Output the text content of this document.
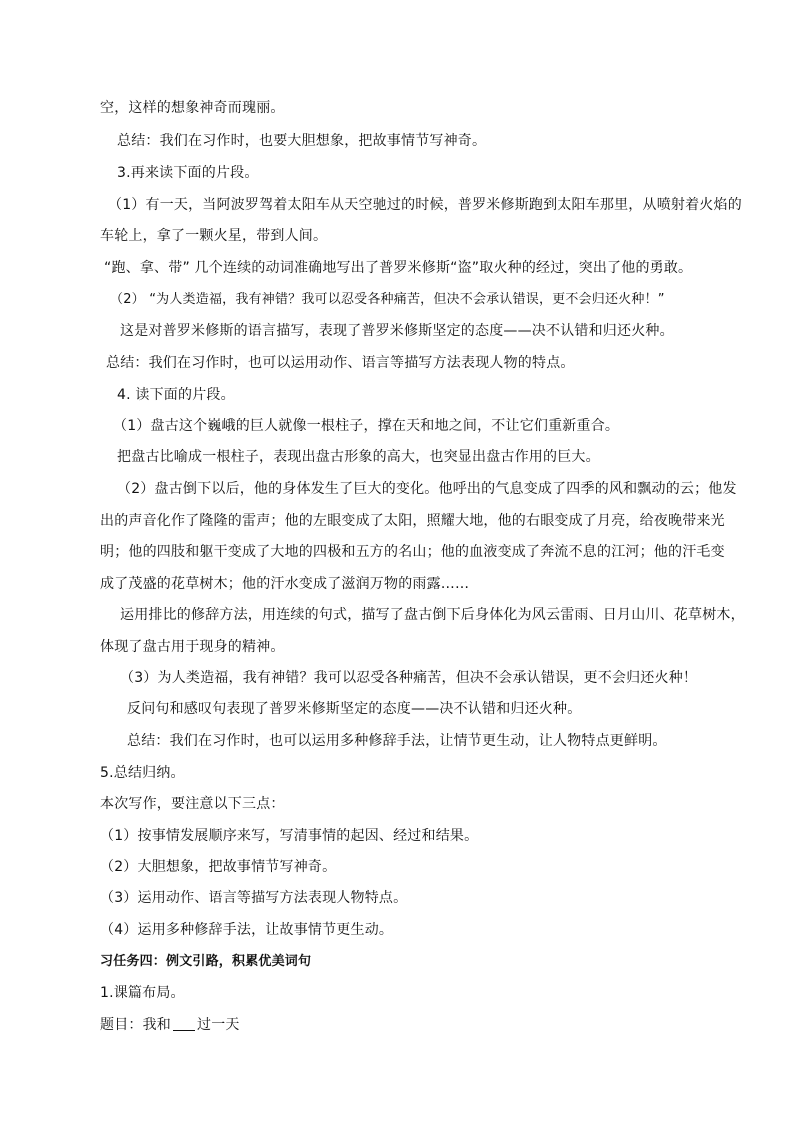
空，这样的想象神奇而瑰丽。
总结：我们在习作时，也要大胆想象，把故事情节写神奇。
3.再来读下面的片段。
（1）有一天，当阿波罗驾着太阳车从天空驰过的时候，普罗米修斯跑到太阳车那里，从喷射着火焰的
车轮上，拿了一颗火星，带到人间。
“跑、拿、带” 几个连续的动词准确地写出了普罗米修斯“盗”取火种的经过，突出了他的勇敢。
（2） “为人类造福，我有神错？我可以忍受各种痛苦，但决不会承认错误，更不会归还火种！”
这是对普罗米修斯的语言描写，表现了普罗米修斯坚定的态度——决不认错和归还火种。
总结：我们在习作时，也可以运用动作、语言等描写方法表现人物的特点。
4. 读下面的片段。
（1）盘古这个巍峨的巨人就像一根柱子，撑在天和地之间，不让它们重新重合。
把盘古比喻成一根柱子，表现出盘古形象的高大，也突显出盘古作用的巨大。
（2）盘古倒下以后，他的身体发生了巨大的变化。他呼出的气息变成了四季的风和飘动的云；他发
出的声音化作了隆隆的雷声；他的左眼变成了太阳，照耀大地，他的右眼变成了月亮，给夜晚带来光
明；他的四肢和躯干变成了大地的四极和五方的名山；他的血液变成了奔流不息的江河；他的汗毛变
成了茂盛的花草树木；他的汗水变成了滋润万物的雨露……
运用排比的修辞方法，用连续的句式，描写了盘古倒下后身体化为风云雷雨、日月山川、花草树木，
体现了盘古用于现身的精神。
（3）为人类造福，我有神错？我可以忍受各种痛苦，但决不会承认错误，更不会归还火种！
反问句和感叹句表现了普罗米修斯坚定的态度——决不认错和归还火种。
总结：我们在习作时，也可以运用多种修辞手法，让情节更生动，让人物特点更鲜明。
5.总结归纳。
本次写作，要注意以下三点：
（1）按事情发展顺序来写，写清事情的起因、经过和结果。
（2）大胆想象，把故事情节写神奇。
（3）运用动作、语言等描写方法表现人物特点。
（4）运用多种修辞手法，让故事情节更生动。
习任务四：例文引路，积累优美词句
1.课篇布局。
题目：我和 过一天
